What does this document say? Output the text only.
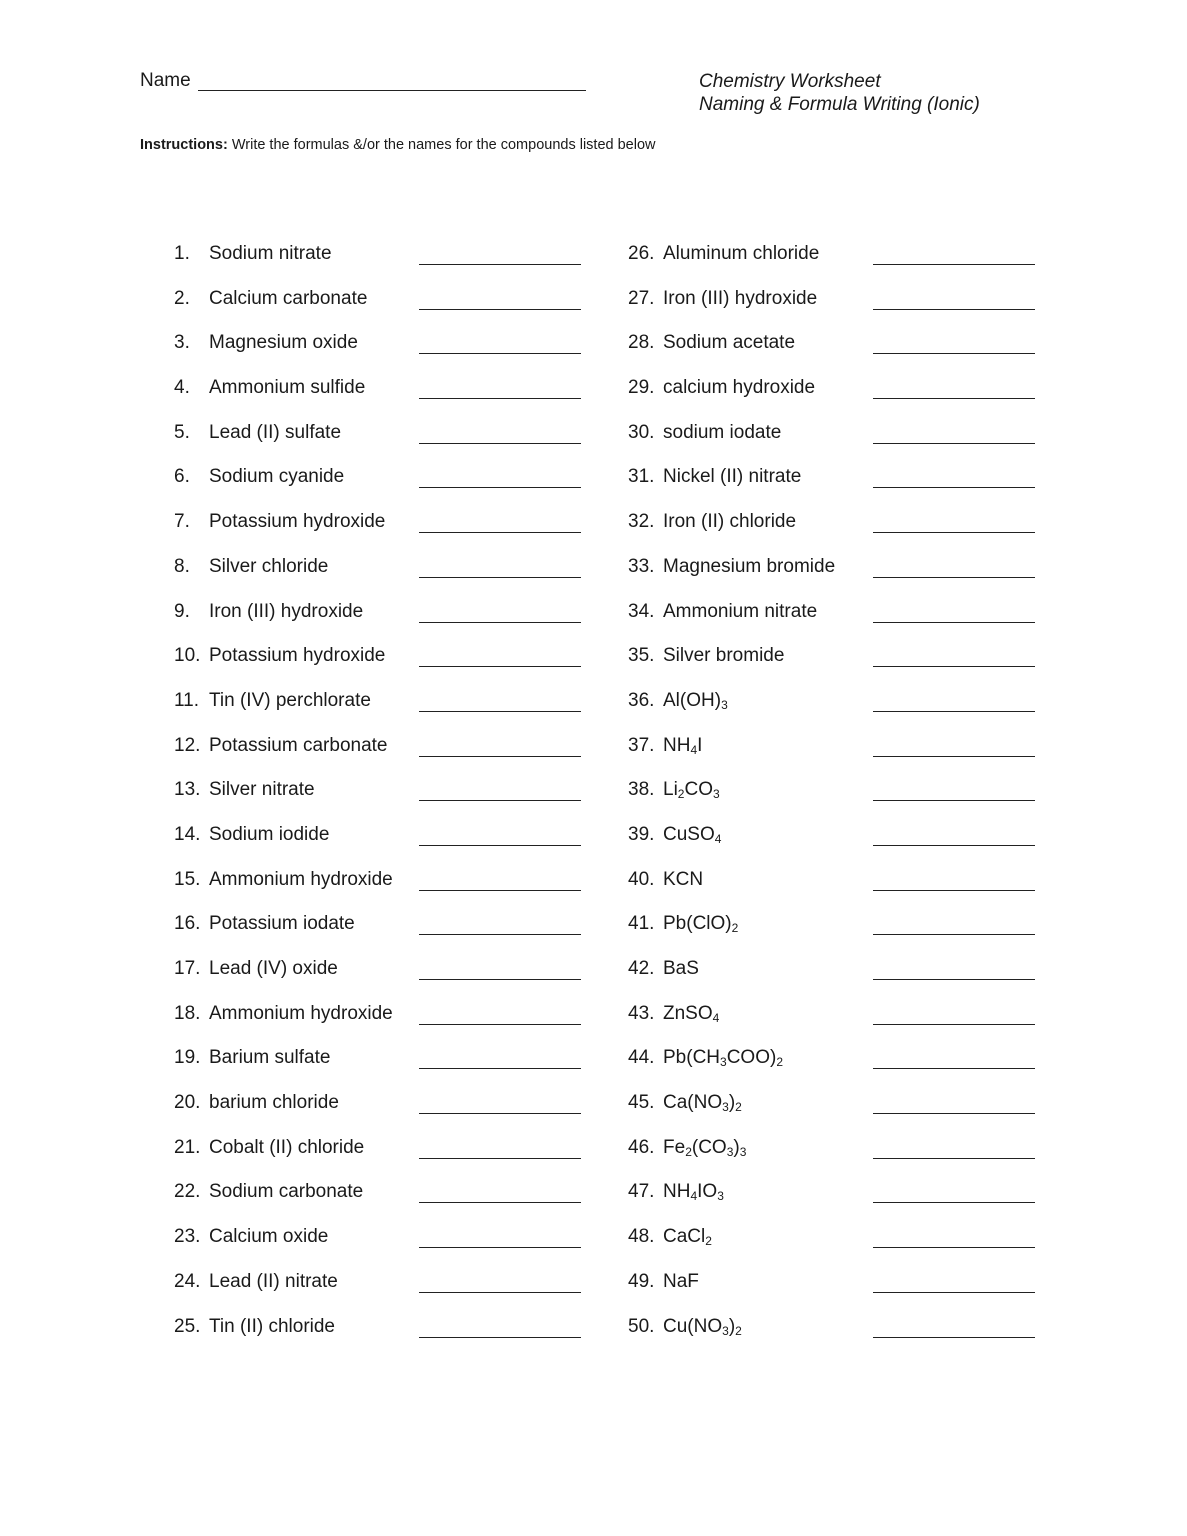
Name	Chemistry Worksheet
Naming & Formula Writing (Ionic)
Instructions: Write the formulas &/or the names for the compounds listed below
1. Sodium nitrate
2. Calcium carbonate
3. Magnesium oxide
4. Ammonium sulfide
5. Lead (II) sulfate
6. Sodium cyanide
7. Potassium hydroxide
8. Silver chloride
9. Iron (III) hydroxide
10. Potassium hydroxide
11. Tin (IV) perchlorate
12. Potassium carbonate
13. Silver nitrate
14. Sodium iodide
15. Ammonium hydroxide
16. Potassium iodate
17. Lead (IV) oxide
18. Ammonium hydroxide
19. Barium sulfate
20. barium chloride
21. Cobalt (II) chloride
22. Sodium carbonate
23. Calcium oxide
24. Lead (II) nitrate
25. Tin (II) chloride
26. Aluminum chloride
27. Iron (III) hydroxide
28. Sodium acetate
29. calcium hydroxide
30. sodium iodate
31. Nickel (II) nitrate
32. Iron (II) chloride
33. Magnesium bromide
34. Ammonium nitrate
35. Silver bromide
36. $Al(OH)_3$
37. $NH_4I$
38. $Li_2CO_3$
39. CuSO$_4$
40. KCN
41. $Pb(ClO)_2$
42. BaS
43. ZnSO$_4$
44. $Pb(CH_3COO)_2$
45. $Ca(NO_3)_2$
46. $Fe_2(CO_3)_3$
47. $NH_4IO_3$
48. CaCl$_2$
49. NaF
50. $Cu(NO_3)_2$
